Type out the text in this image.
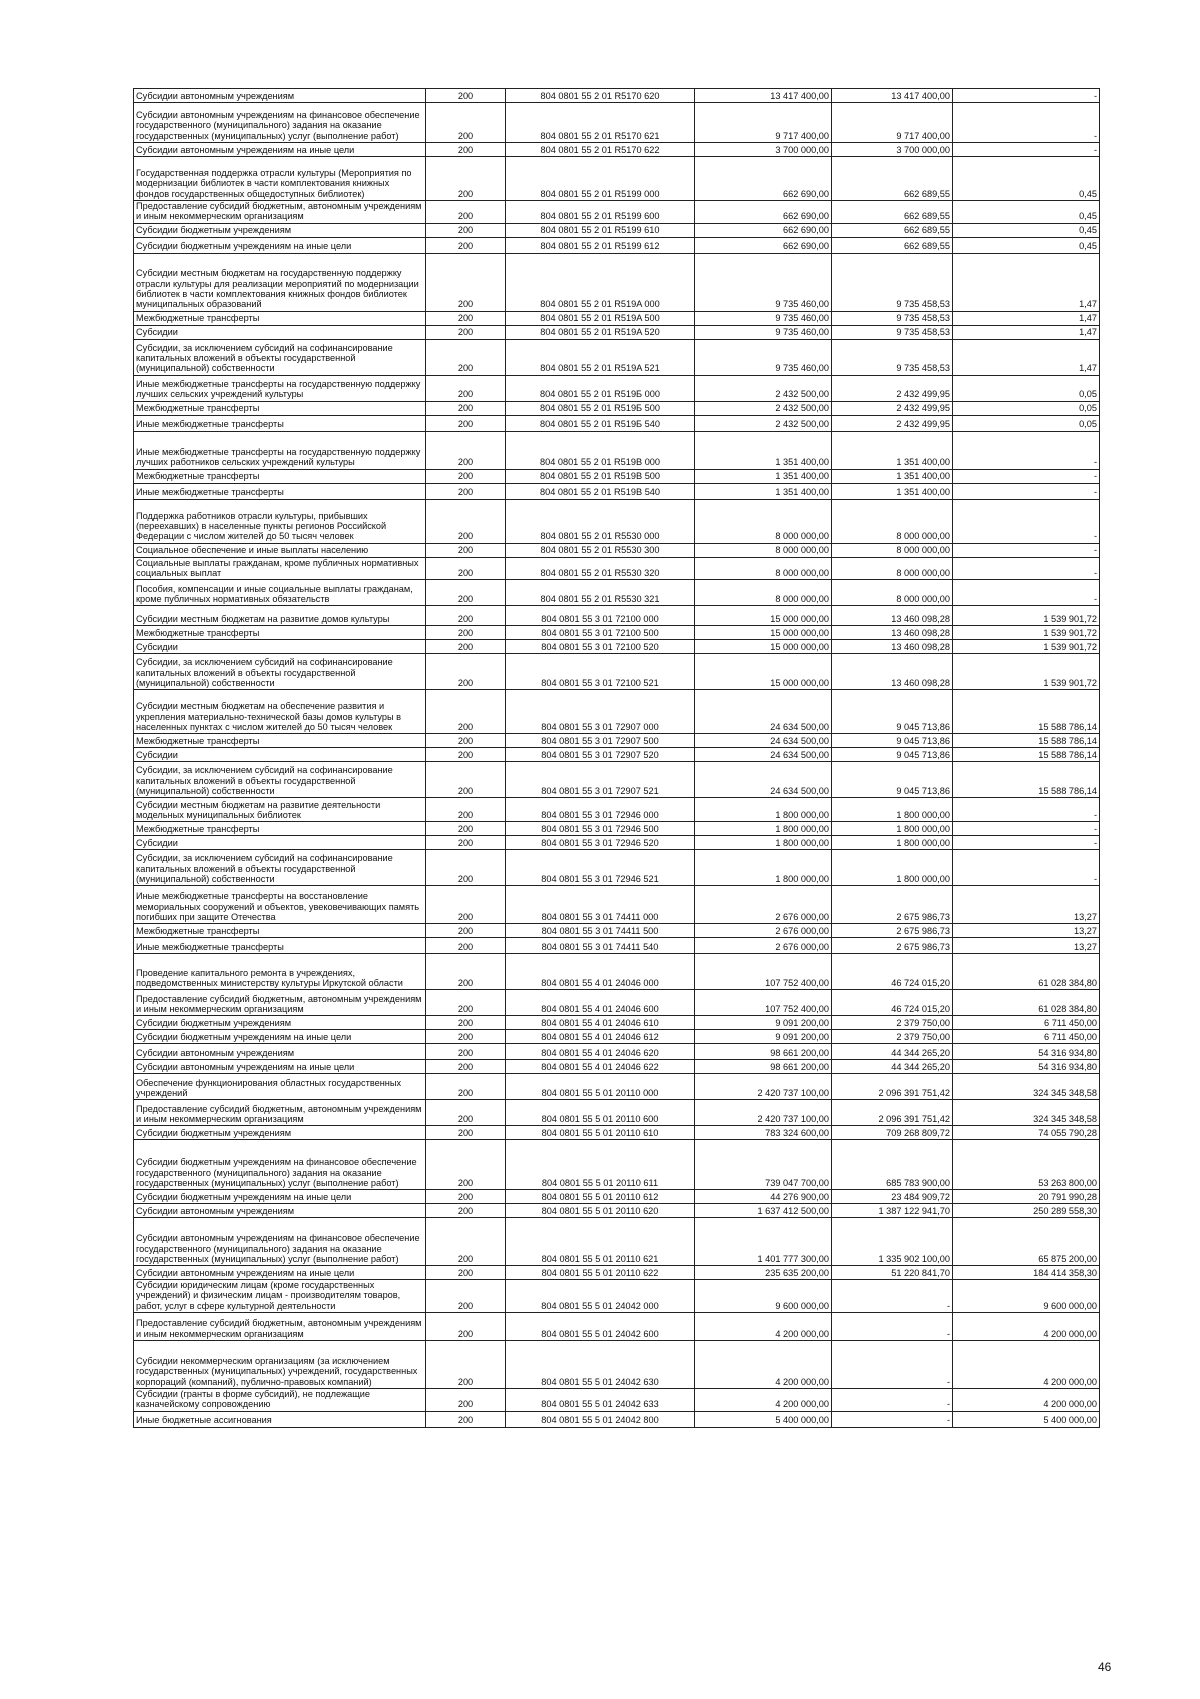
Субсидии автономным учреждениям	200	804 0801 55 2 01 R5170 620	13 417 400,00	13 417 400,00	-
Субсидии автономным учреждениям на финансовое обеспечение государственного (муниципального) задания на оказание государственных (муниципальных) услуг (выполнение работ)	200	804 0801 55 2 01 R5170 621	9 717 400,00	9 717 400,00	-
Субсидии автономным учреждениям на иные цели	200	804 0801 55 2 01 R5170 622	3 700 000,00	3 700 000,00	-
Государственная поддержка отрасли культуры (Мероприятия по модернизации библиотек в части комплектования книжных фондов государственных общедоступных библиотек)	200	804 0801 55 2 01 R5199 000	662 690,00	662 689,55	0,45
Предоставление субсидий бюджетным, автономным учреждениям и иным некоммерческим организациям	200	804 0801 55 2 01 R5199 600	662 690,00	662 689,55	0,45
Субсидии бюджетным учреждениям	200	804 0801 55 2 01 R5199 610	662 690,00	662 689,55	0,45
Субсидии бюджетным учреждениям на иные цели	200	804 0801 55 2 01 R5199 612	662 690,00	662 689,55	0,45
Субсидии местным бюджетам на государственную поддержку отрасли культуры для реализации мероприятий по модернизации библиотек в части комплектования книжных фондов библиотек муниципальных образований	200	804 0801 55 2 01 R519A 000	9 735 460,00	9 735 458,53	1,47
Межбюджетные трансферты	200	804 0801 55 2 01 R519A 500	9 735 460,00	9 735 458,53	1,47
Субсидии	200	804 0801 55 2 01 R519A 520	9 735 460,00	9 735 458,53	1,47
Субсидии, за исключением субсидий на софинансирование капитальных вложений в объекты государственной (муниципальной) собственности	200	804 0801 55 2 01 R519A 521	9 735 460,00	9 735 458,53	1,47
Иные межбюджетные трансферты на государственную поддержку лучших сельских учреждений культуры	200	804 0801 55 2 01 R519Б 000	2 432 500,00	2 432 499,95	0,05
Межбюджетные трансферты	200	804 0801 55 2 01 R519Б 500	2 432 500,00	2 432 499,95	0,05
Иные межбюджетные трансферты	200	804 0801 55 2 01 R519Б 540	2 432 500,00	2 432 499,95	0,05
Иные межбюджетные трансферты на государственную поддержку лучших работников сельских учреждений культуры	200	804 0801 55 2 01 R519В 000	1 351 400,00	1 351 400,00	-
Межбюджетные трансферты	200	804 0801 55 2 01 R519В 500	1 351 400,00	1 351 400,00	-
Иные межбюджетные трансферты	200	804 0801 55 2 01 R519В 540	1 351 400,00	1 351 400,00	-
Поддержка работников отрасли культуры, прибывших (переехавших) в населенные пункты регионов Российской Федерации с числом жителей до 50 тысяч человек	200	804 0801 55 2 01 R5530 000	8 000 000,00	8 000 000,00	-
Социальное обеспечение и иные выплаты населению	200	804 0801 55 2 01 R5530 300	8 000 000,00	8 000 000,00	-
Социальные выплаты гражданам, кроме публичных нормативных социальных выплат	200	804 0801 55 2 01 R5530 320	8 000 000,00	8 000 000,00	-
Пособия, компенсации и иные социальные выплаты гражданам, кроме публичных нормативных обязательств	200	804 0801 55 2 01 R5530 321	8 000 000,00	8 000 000,00	-
Субсидии местным бюджетам на развитие домов культуры	200	804 0801 55 3 01 72100 000	15 000 000,00	13 460 098,28	1 539 901,72
Межбюджетные трансферты	200	804 0801 55 3 01 72100 500	15 000 000,00	13 460 098,28	1 539 901,72
Субсидии	200	804 0801 55 3 01 72100 520	15 000 000,00	13 460 098,28	1 539 901,72
Субсидии, за исключением субсидий на софинансирование капитальных вложений в объекты государственной (муниципальной) собственности	200	804 0801 55 3 01 72100 521	15 000 000,00	13 460 098,28	1 539 901,72
Субсидии местным бюджетам на обеспечение развития и укрепления материально-технической базы домов культуры в населенных пунктах с числом жителей до 50 тысяч человек	200	804 0801 55 3 01 72907 000	24 634 500,00	9 045 713,86	15 588 786,14
Межбюджетные трансферты	200	804 0801 55 3 01 72907 500	24 634 500,00	9 045 713,86	15 588 786,14
Субсидии	200	804 0801 55 3 01 72907 520	24 634 500,00	9 045 713,86	15 588 786,14
Субсидии, за исключением субсидий на софинансирование капитальных вложений в объекты государственной (муниципальной) собственности	200	804 0801 55 3 01 72907 521	24 634 500,00	9 045 713,86	15 588 786,14
Субсидии местным бюджетам на развитие деятельности модельных муниципальных библиотек	200	804 0801 55 3 01 72946 000	1 800 000,00	1 800 000,00	-
Межбюджетные трансферты	200	804 0801 55 3 01 72946 500	1 800 000,00	1 800 000,00	-
Субсидии	200	804 0801 55 3 01 72946 520	1 800 000,00	1 800 000,00	-
Субсидии, за исключением субсидий на софинансирование капитальных вложений в объекты государственной (муниципальной) собственности	200	804 0801 55 3 01 72946 521	1 800 000,00	1 800 000,00	-
Иные межбюджетные трансферты на восстановление мемориальных сооружений и объектов, увековечивающих память погибших при защите Отечества	200	804 0801 55 3 01 74411 000	2 676 000,00	2 675 986,73	13,27
Межбюджетные трансферты	200	804 0801 55 3 01 74411 500	2 676 000,00	2 675 986,73	13,27
Иные межбюджетные трансферты	200	804 0801 55 3 01 74411 540	2 676 000,00	2 675 986,73	13,27
Проведение капитального ремонта в учреждениях, подведомственных министерству культуры Иркутской области	200	804 0801 55 4 01 24046 000	107 752 400,00	46 724 015,20	61 028 384,80
Предоставление субсидий бюджетным, автономным учреждениям и иным некоммерческим организациям	200	804 0801 55 4 01 24046 600	107 752 400,00	46 724 015,20	61 028 384,80
Субсидии бюджетным учреждениям	200	804 0801 55 4 01 24046 610	9 091 200,00	2 379 750,00	6 711 450,00
Субсидии бюджетным учреждениям на иные цели	200	804 0801 55 4 01 24046 612	9 091 200,00	2 379 750,00	6 711 450,00
Субсидии автономным учреждениям	200	804 0801 55 4 01 24046 620	98 661 200,00	44 344 265,20	54 316 934,80
Субсидии автономным учреждениям на иные цели	200	804 0801 55 4 01 24046 622	98 661 200,00	44 344 265,20	54 316 934,80
Обеспечение функционирования областных государственных учреждений	200	804 0801 55 5 01 20110 000	2 420 737 100,00	2 096 391 751,42	324 345 348,58
Предоставление субсидий бюджетным, автономным учреждениям и иным некоммерческим организациям	200	804 0801 55 5 01 20110 600	2 420 737 100,00	2 096 391 751,42	324 345 348,58
Субсидии бюджетным учреждениям	200	804 0801 55 5 01 20110 610	783 324 600,00	709 268 809,72	74 055 790,28
Субсидии бюджетным учреждениям на финансовое обеспечение государственного (муниципального) задания на оказание государственных (муниципальных) услуг (выполнение работ)	200	804 0801 55 5 01 20110 611	739 047 700,00	685 783 900,00	53 263 800,00
Субсидии бюджетным учреждениям на иные цели	200	804 0801 55 5 01 20110 612	44 276 900,00	23 484 909,72	20 791 990,28
Субсидии автономным учреждениям	200	804 0801 55 5 01 20110 620	1 637 412 500,00	1 387 122 941,70	250 289 558,30
Субсидии автономным учреждениям на финансовое обеспечение государственного (муниципального) задания на оказание государственных (муниципальных) услуг (выполнение работ)	200	804 0801 55 5 01 20110 621	1 401 777 300,00	1 335 902 100,00	65 875 200,00
Субсидии автономным учреждениям на иные цели	200	804 0801 55 5 01 20110 622	235 635 200,00	51 220 841,70	184 414 358,30
Субсидии юридическим лицам (кроме государственных учреждений) и физическим лицам - производителям товаров, работ, услуг в сфере культурной деятельности	200	804 0801 55 5 01 24042 000	9 600 000,00	-	9 600 000,00
Предоставление субсидий бюджетным, автономным учреждениям и иным некоммерческим организациям	200	804 0801 55 5 01 24042 600	4 200 000,00	-	4 200 000,00
Субсидии некоммерческим организациям (за исключением государственных (муниципальных) учреждений, государственных корпораций (компаний), публично-правовых компаний)	200	804 0801 55 5 01 24042 630	4 200 000,00	-	4 200 000,00
Субсидии (гранты в форме субсидий), не подлежащие казначейскому сопровождению	200	804 0801 55 5 01 24042 633	4 200 000,00	-	4 200 000,00
Иные бюджетные ассигнования	200	804 0801 55 5 01 24042 800	5 400 000,00	-	5 400 000,00
46
